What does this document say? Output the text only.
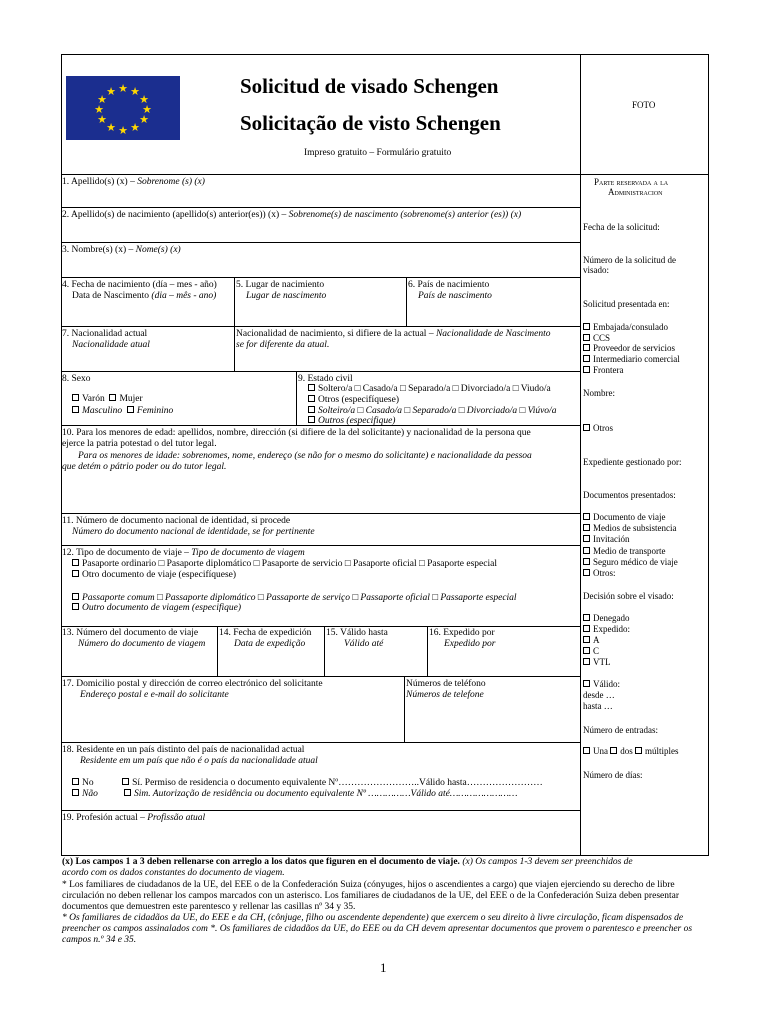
★ ★
★
★
★
★
★
★
★
★
★
★	Solicitud de visado Schengen
Solicitação de visto Schengen
Impreso gratuito – Formulário gratuito
FOTO
1. Apellido(s) (x) – Sobrenome (s) (x)
2. Apellido(s) de nacimiento (apellido(s) anterior(es)) (x) – Sobrenome(s) de nascimento (sobrenome(s) anterior (es)) (x)
3. Nombre(s) (x) – Nome(s) (x)
4. Fecha de nacimiento (día – mes - año)
Data de Nascimento (dia – mês - ano)
5. Lugar de nacimiento
Lugar de nascimento
6. País de nacimiento
País de nascimento
7. Nacionalidad actual
Nacionalidade atual
Nacionalidad de nacimiento, si difiere de la actual – Nacionalidade de Nascimento
se for diferente da atual.
8. Sexo
Varón Mujer
Masculino Feminino
9. Estado civil
Soltero/a □ Casado/a □ Separado/a □ Divorciado/a □ Viudo/a
Otros (especifíquese)
Solteiro/a □ Casado/a □ Separado/a □ Divorciado/a □ Viúvo/a
Outros (especifique)
10. Para los menores de edad: apellidos, nombre, dirección (si difiere de la del solicitante) y nacionalidad de la persona que
ejerce la patria potestad o del tutor legal.
Para os menores de idade: sobrenomes, nome, endereço (se não for o mesmo do solicitante) e nacionalidade da pessoa
que detém o pátrio poder ou do tutor legal.
11. Número de documento nacional de identidad, si procede
Número do documento nacional de identidade, se for pertinente
12. Tipo de documento de viaje – Tipo de documento de viagem
Pasaporte ordinario □ Pasaporte diplomático □ Pasaporte de servicio □ Pasaporte oficial □ Pasaporte especial
Otro documento de viaje (especifíquese)
Passaporte comum □ Passaporte diplomático □ Passaporte de serviço □ Passaporte oficial □ Passaporte especial
Outro documento de viagem (especifique)
13. Número del documento de viaje
Número do documento de viagem
14. Fecha de expedición
Data de expedição
15. Válido hasta
Válido até
16. Expedido por
Expedido por
17. Domicilio postal y dirección de correo electrónico del solicitante
Endereço postal e e-mail do solicitante
Números de teléfono
Números de telefone
18. Residente en un país distinto del país de nacionalidad actual
Residente em um país que não é o país da nacionalidade atual
No	Sí. Permiso de residencia o documento equivalente Nº……………………..Válido hasta……………………
Não	Sim. Autorização de residência ou documento equivalente Nº ……………Válido até……………………
19. Profesión actual – Profissão atual
Parte reservada a la
Administracion
Fecha de la solicitud:
Número de la solicitud de
visado:
Solicitud presentada en:
Embajada/consulado
CCS
Proveedor de servicios
Intermediario comercial
Frontera
Nombre:
Otros
Expediente gestionado por:
Documentos presentados:
Documento de viaje
Medios de subsistencia
Invitación
Medio de transporte
Seguro médico de viaje
Otros:
Decisión sobre el visado:
Denegado
Expedido:
A
C
VTL
Válido:
desde …
hasta …
Número de entradas:
Una dos múltiples
Número de días:
(x) Los campos 1 a 3 deben rellenarse con arreglo a los datos que figuren en el documento de viaje. (x) Os campos 1-3 devem ser preenchidos de
acordo com os dados constantes do documento de viagem.
* Los familiares de ciudadanos de la UE, del EEE o de la Confederación Suiza (cónyuges, hijos o ascendientes a cargo) que viajen ejerciendo su derecho de libre circulación no deben rellenar los campos marcados con un asterisco. Los familiares de ciudadanos de la UE, del EEE o de la Confederación Suiza deben presentar documentos que demuestren este parentesco y rellenar las casillas nº 34 y 35.
* Os familiares de cidadãos da UE, do EEE e da CH, (cônjuge, filho ou ascendente dependente) que exercem o seu direito à livre circulação, ficam dispensados de preencher os campos assinalados com *. Os familiares de cidadãos da UE, do EEE ou da CH devem apresentar documentos que provem o parentesco e preencher os campos n.º 34 e 35.
1
